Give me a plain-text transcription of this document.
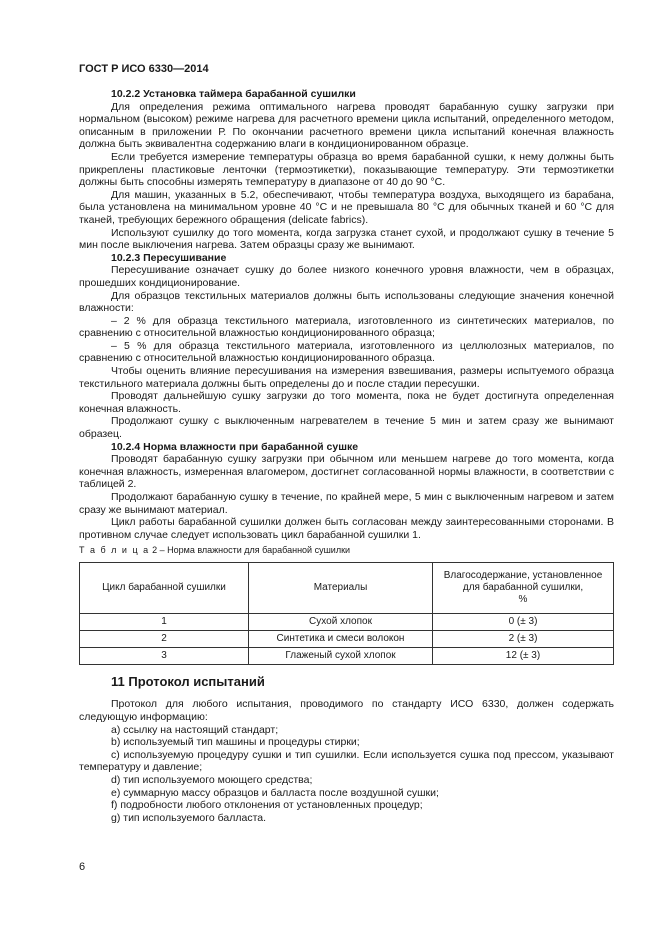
ГОСТ Р ИСО 6330—2014
10.2.2 Установка таймера барабанной сушилки

Для определения режима оптимального нагрева проводят барабанную сушку загрузки при нормальном (высоком) режиме нагрева для расчетного времени цикла испытаний, определенного методом, описанным в приложении Р. По окончании расчетного времени цикла испытаний конечная влажность должна быть эквивалентна содержанию влаги в кондиционированном образце.

Если требуется измерение температуры образца во время барабанной сушки, к нему должны быть прикреплены пластиковые ленточки (термоэтикетки), показывающие температуру. Эти термоэтикетки должны быть способны измерять температуру в диапазоне от 40 до 90 °С.

Для машин, указанных в 5.2, обеспечивают, чтобы температура воздуха, выходящего из барабана, была установлена на минимальном уровне 40 °С и не превышала 80 °С для обычных тканей и 60 °С для тканей, требующих бережного обращения (delicate fabrics).

Используют сушилку до того момента, когда загрузка станет сухой, и продолжают сушку в течение 5 мин после выключения нагрева. Затем образцы сразу же вынимают.

10.2.3 Пересушивание

Пересушивание означает сушку до более низкого конечного уровня влажности, чем в образцах, прошедших кондиционирование.

Для образцов текстильных материалов должны быть использованы следующие значения конечной влажности:

– 2 % для образца текстильного материала, изготовленного из синтетических материалов, по сравнению с относительной влажностью кондиционированного образца;

– 5 % для образца текстильного материала, изготовленного из целлюлозных материалов, по сравнению с относительной влажностью кондиционированного образца.

Чтобы оценить влияние пересушивания на измерения взвешивания, размеры испытуемого образца текстильного материала должны быть определены до и после стадии пересушки.

Проводят дальнейшую сушку загрузки до того момента, пока не будет достигнута определенная конечная влажность.

Продолжают сушку с выключенным нагревателем в течение 5 мин и затем сразу же вынимают образец.

10.2.4 Норма влажности при барабанной сушке

Проводят барабанную сушку загрузки при обычном или меньшем нагреве до того момента, когда конечная влажность, измеренная влагомером, достигнет согласованной нормы влажности, в соответствии с таблицей 2.

Продолжают барабанную сушку в течение, по крайней мере, 5 мин с выключенным нагревом и затем сразу же вынимают материал.

Цикл работы барабанной сушилки должен быть согласован между заинтересованными сторонами. В противном случае следует использовать цикл барабанной сушилки 1.

Т а б л и ц а 2 – Норма влажности для барабанной сушилки
Цикл барабанной сушилки	Материалы	Влагосодержание, установленное
для барабанной сушилки,
%

1	Сухой хлопок	0 (± 3)
2	Синтетика и смеси волокон	2 (± 3)
3	Глаженый сухой хлопок	12 (± 3)
11 Протокол испытаний

Протокол для любого испытания, проводимого по стандарту ИСО 6330, должен содержать следующую информацию:

а) ссылку на настоящий стандарт;

b) используемый тип машины и процедуры стирки;

c) используемую процедуру сушки и тип сушилки. Если используется сушка под прессом, указывают температуру и давление;

d) тип используемого моющего средства;

e) суммарную массу образцов и балласта после воздушной сушки;

f) подробности любого отклонения от установленных процедур;

g) тип используемого балласта.

6
